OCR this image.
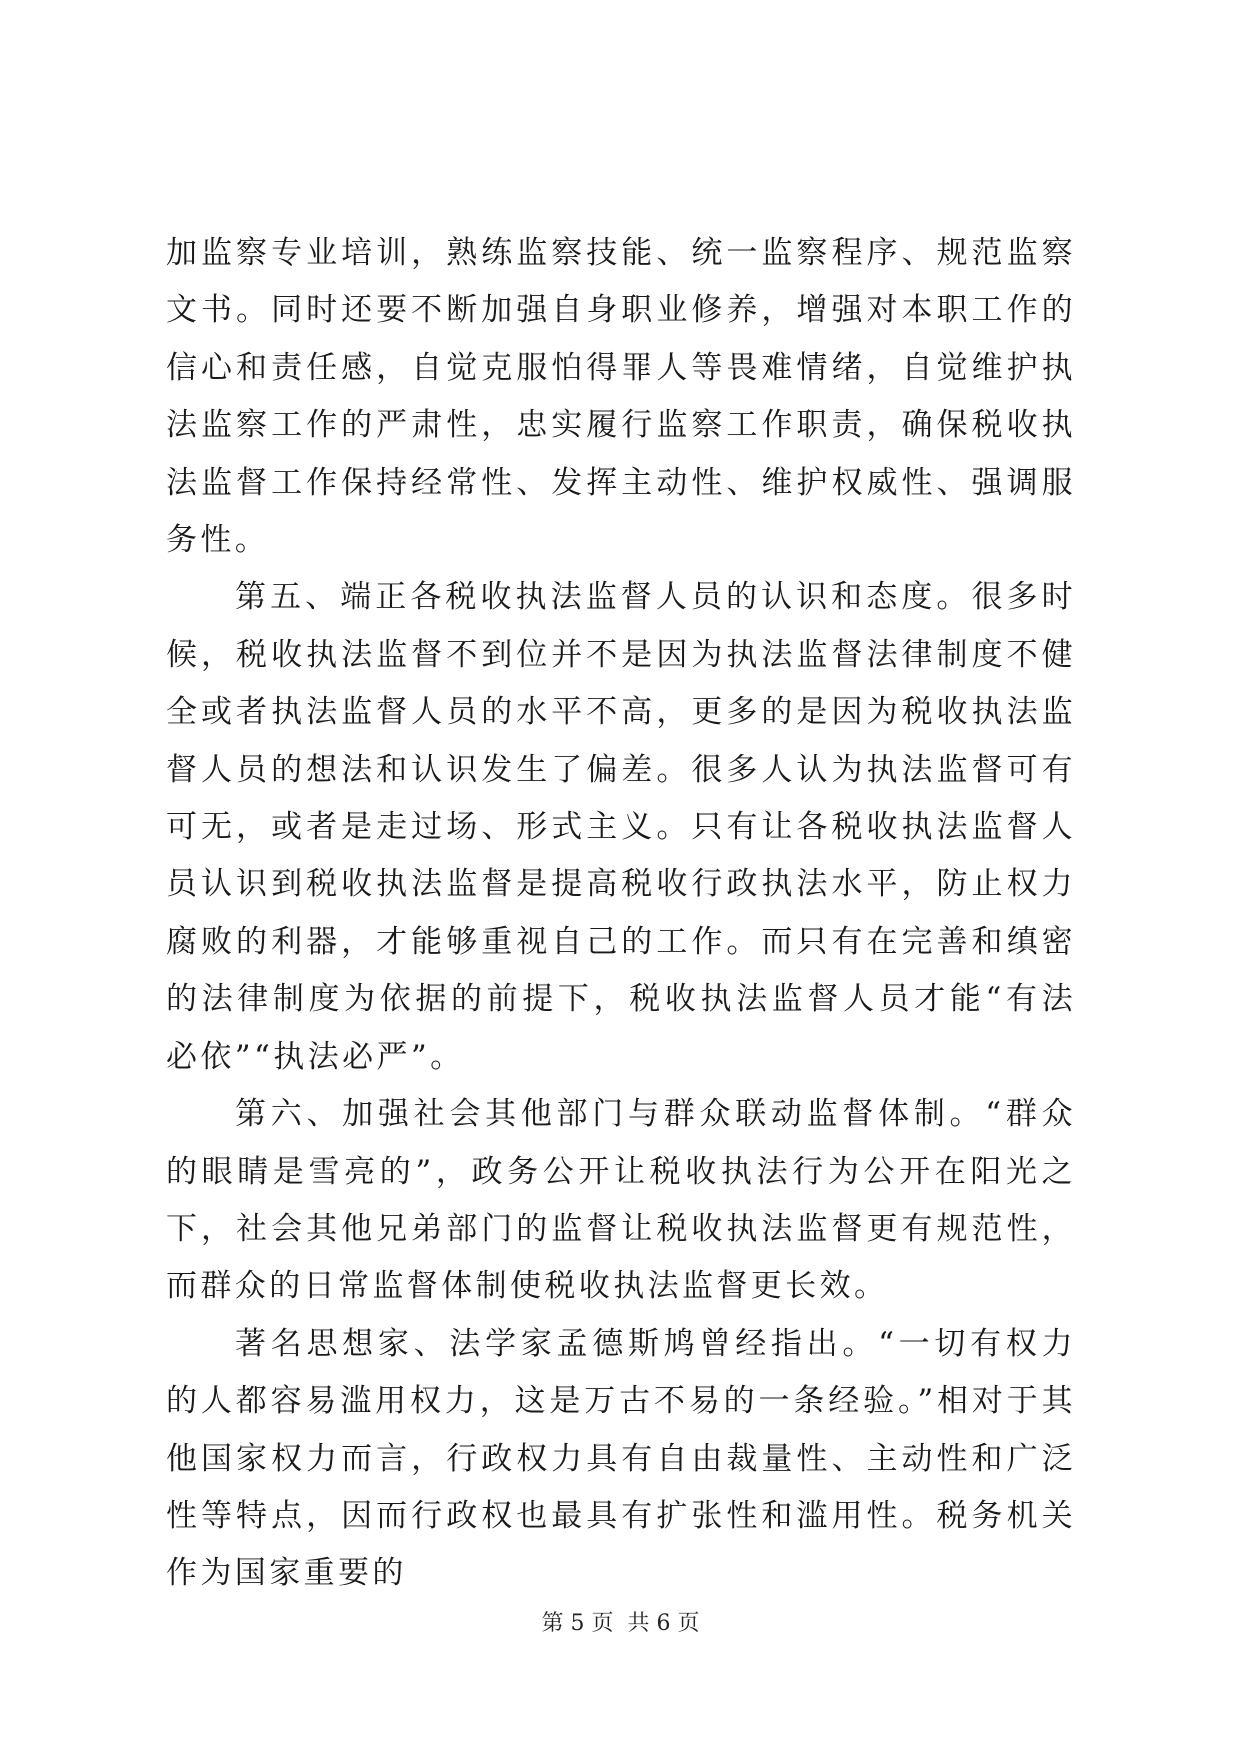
加监察专业培训，熟练监察技能、统一监察程序、规范监察文书。同时还要不断加强自身职业修养，增强对本职工作的信心和责任感，自觉克服怕得罪人等畏难情绪，自觉维护执法监察工作的严肃性，忠实履行监察工作职责，确保税收执法监督工作保持经常性、发挥主动性、维护权威性、强调服务性。

第五、端正各税收执法监督人员的认识和态度。很多时候，税收执法监督不到位并不是因为执法监督法律制度不健全或者执法监督人员的水平不高，更多的是因为税收执法监督人员的想法和认识发生了偏差。很多人认为执法监督可有可无，或者是走过场、形式主义。只有让各税收执法监督人员认识到税收执法监督是提高税收行政执法水平，防止权力腐败的利器，才能够重视自己的工作。而只有在完善和缜密的法律制度为依据的前提下，税收执法监督人员才能“有法必依”“执法必严”。

第六、加强社会其他部门与群众联动监督体制。“群众的眼睛是雪亮的”，政务公开让税收执法行为公开在阳光之下，社会其他兄弟部门的监督让税收执法监督更有规范性，而群众的日常监督体制使税收执法监督更长效。

著名思想家、法学家孟德斯鸠曾经指出。“一切有权力的人都容易滥用权力，这是万古不易的一条经验。”相对于其他国家权力而言，行政权力具有自由裁量性、主动性和广泛性等特点，因而行政权也最具有扩张性和滥用性。税务机关作为国家重要的

第 5 页  共 6 页
